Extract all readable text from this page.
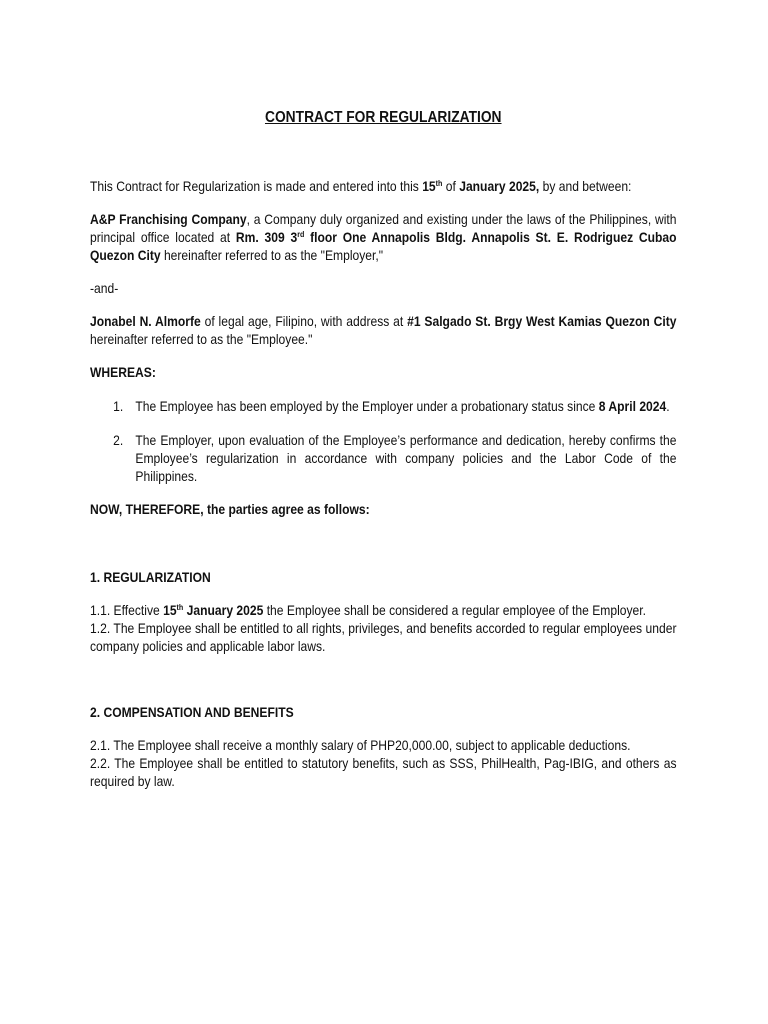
CONTRACT FOR REGULARIZATION

This Contract for Regularization is made and entered into this 15th of January 2025, by and between:

A&P Franchising Company, a Company duly organized and existing under the laws of the Philippines, with principal office located at Rm. 309 3rd floor One Annapolis Bldg. Annapolis St. E. Rodriguez Cubao Quezon City hereinafter referred to as the "Employer,"

-and-

Jonabel N. Almorfe of legal age, Filipino, with address at #1 Salgado St. Brgy West Kamias Quezon City hereinafter referred to as the "Employee."

WHEREAS:

1. The Employee has been employed by the Employer under a probationary status since 8 April 2024.
2. The Employer, upon evaluation of the Employee’s performance and dedication, hereby confirms the Employee’s regularization in accordance with company policies and the Labor Code of the Philippines.

NOW, THEREFORE, the parties agree as follows:

1. REGULARIZATION

1.1. Effective 15th January 2025 the Employee shall be considered a regular employee of the Employer.

1.2. The Employee shall be entitled to all rights, privileges, and benefits accorded to regular employees under company policies and applicable labor laws.

2. COMPENSATION AND BENEFITS

2.1. The Employee shall receive a monthly salary of PHP20,000.00, subject to applicable deductions.

2.2. The Employee shall be entitled to statutory benefits, such as SSS, PhilHealth, Pag-IBIG, and others as required by law.
